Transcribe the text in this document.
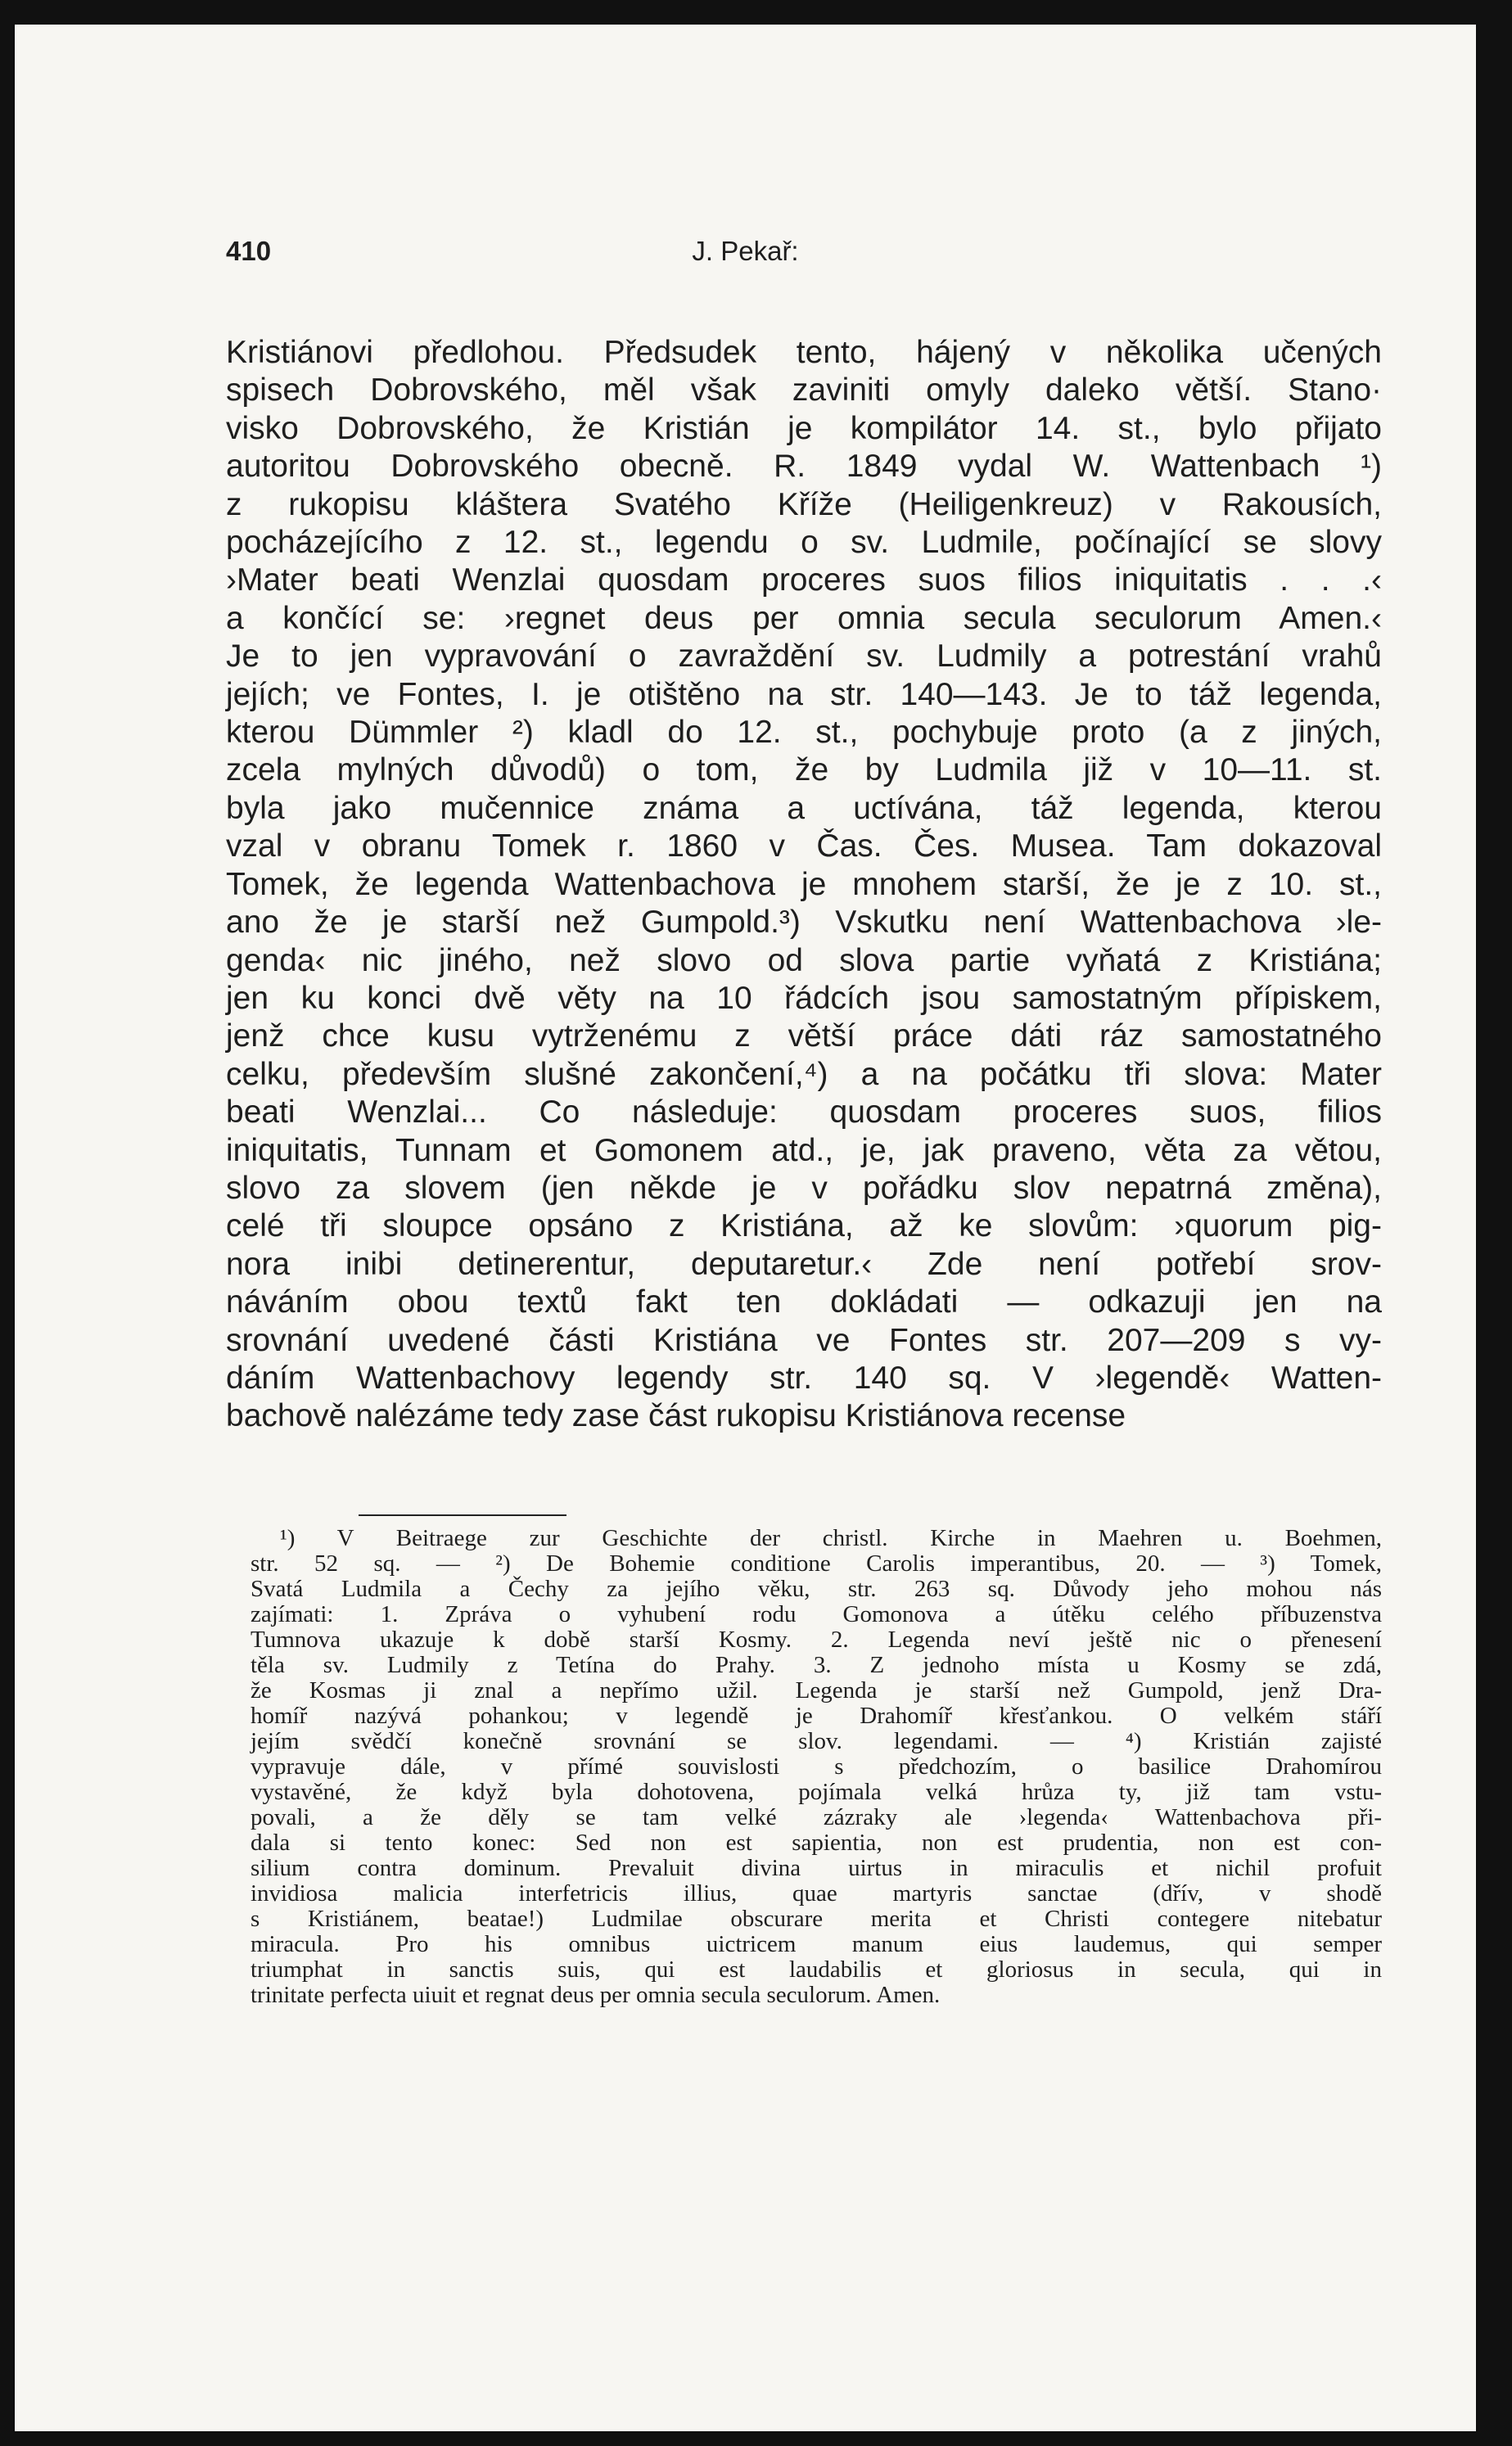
410	J. Pekař:
Kristiánovi předlohou. Předsudek tento, hájený v několika učených
spisech Dobrovského, měl však zaviniti omyly daleko větší. Stano·
visko Dobrovského, že Kristián je kompilátor 14. st., bylo přijato
autoritou Dobrovského obecně. R. 1849 vydal W. Wattenbach ¹)
z rukopisu kláštera Svatého Kříže (Heiligenkreuz) v Rakousích,
pocházejícího z 12. st., legendu o sv. Ludmile, počínající se slovy
›Mater beati Wenzlai quosdam proceres suos filios iniquitatis . . .‹
a končící se: ›regnet deus per omnia secula seculorum Amen.‹
Je to jen vypravování o zavraždění sv. Ludmily a potrestání vrahů
jejích; ve Fontes, I. je otištěno na str. 140—143. Je to táž legenda,
kterou Dümmler ²) kladl do 12. st., pochybuje proto (a z jiných,
zcela mylných důvodů) o tom, že by Ludmila již v 10—11. st.
byla jako mučennice známa a uctívána, táž legenda, kterou
vzal v obranu Tomek r. 1860 v Čas. Čes. Musea. Tam dokazoval
Tomek, že legenda Wattenbachova je mnohem starší, že je z 10. st.,
ano že je starší než Gumpold.³) Vskutku není Wattenbachova ›le-
genda‹ nic jiného, než slovo od slova partie vyňatá z Kristiána;
jen ku konci dvě věty na 10 řádcích jsou samostatným přípiskem,
jenž chce kusu vytrženému z větší práce dáti ráz samostatného
celku, především slušné zakončení,⁴) a na počátku tři slova: Mater
beati Wenzlai... Co následuje: quosdam proceres suos, filios
iniquitatis, Tunnam et Gomonem atd., je, jak praveno, věta za větou,
slovo za slovem (jen někde je v pořádku slov nepatrná změna),
celé tři sloupce opsáno z Kristiána, až ke slovům: ›quorum pig-
nora inibi detinerentur, deputaretur.‹ Zde není potřebí srov-
náváním obou textů fakt ten dokládati — odkazuji jen na
srovnání uvedené části Kristiána ve Fontes str. 207—209 s vy-
dáním Wattenbachovy legendy str. 140 sq. V ›legendě‹ Watten-
bachově nalézáme tedy zase část rukopisu Kristiánova recense
¹) V Beitraege zur Geschichte der christl. Kirche in Maehren u. Boehmen,
str. 52 sq. — ²) De Bohemie conditione Carolis imperantibus, 20. — ³) Tomek,
Svatá Ludmila a Čechy za jejího věku, str. 263 sq. Důvody jeho mohou nás
zajímati: 1. Zpráva o vyhubení rodu Gomonova a útěku celého příbuzenstva
Tumnova ukazuje k době starší Kosmy. 2. Legenda neví ještě nic o přenesení
těla sv. Ludmily z Tetína do Prahy. 3. Z jednoho místa u Kosmy se zdá,
že Kosmas ji znal a nepřímo užil. Legenda je starší než Gumpold, jenž Dra-
homíř nazývá pohankou; v legendě je Drahomíř křesťankou. O velkém stáří
jejím svědčí konečně srovnání se slov. legendami. — ⁴) Kristián zajisté
vypravuje dále, v přímé souvislosti s předchozím, o basilice Drahomírou
vystavěné, že když byla dohotovena, pojímala velká hrůza ty, již tam vstu-
povali, a že děly se tam velké zázraky ale ›legenda‹ Wattenbachova při-
dala si tento konec: Sed non est sapientia, non est prudentia, non est con-
silium contra dominum. Prevaluit divina uirtus in miraculis et nichil profuit
invidiosa malicia interfetricis illius, quae martyris sanctae (dřív, v shodě
s Kristiánem, beatae!) Ludmilae obscurare merita et Christi contegere nitebatur
miracula. Pro his omnibus uictricem manum eius laudemus, qui semper
triumphat in sanctis suis, qui est laudabilis et gloriosus in secula, qui in
trinitate perfecta uiuit et regnat deus per omnia secula seculorum. Amen.
